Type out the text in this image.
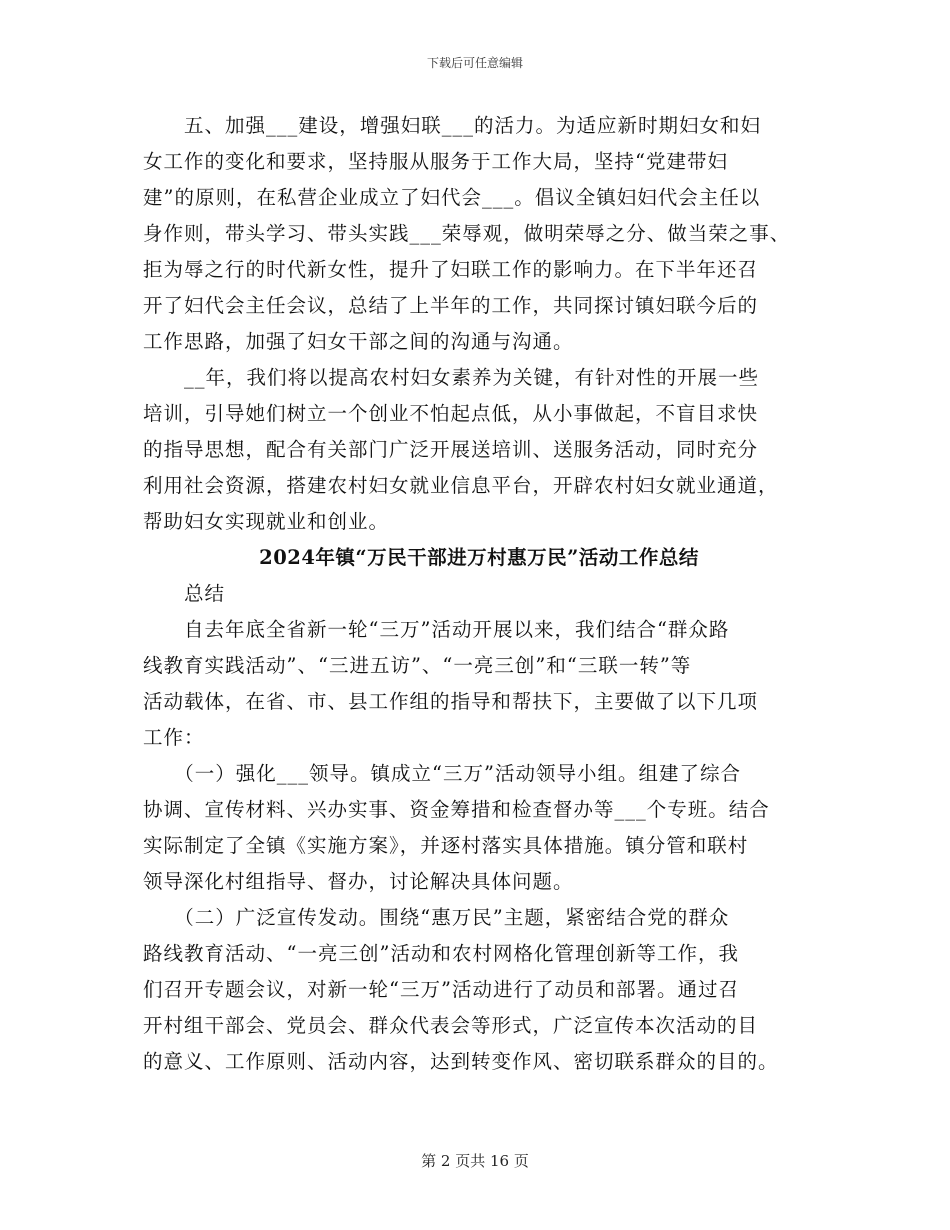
下载后可任意编辑
　　五、加强___建设，增强妇联___的活力。为适应新时期妇女和妇
女工作的变化和要求，坚持服从服务于工作大局，坚持“党建带妇
建”的原则，在私营企业成立了妇代会___。倡议全镇妇妇代会主任以
身作则，带头学习、带头实践___荣辱观，做明荣辱之分、做当荣之事、
拒为辱之行的时代新女性，提升了妇联工作的影响力。在下半年还召
开了妇代会主任会议，总结了上半年的工作，共同探讨镇妇联今后的
工作思路，加强了妇女干部之间的沟通与沟通。
　　__年，我们将以提高农村妇女素养为关键，有针对性的开展一些
培训，引导她们树立一个创业不怕起点低，从小事做起，不盲目求快
的指导思想，配合有关部门广泛开展送培训、送服务活动，同时充分
利用社会资源，搭建农村妇女就业信息平台，开辟农村妇女就业通道，
帮助妇女实现就业和创业。
2024年镇“万民干部进万村惠万民”活动工作总结
　　总结
　　自去年底全省新一轮“三万”活动开展以来，我们结合“群众路
线教育实践活动”、“三进五访”、“一亮三创”和“三联一转”等
活动载体，在省、市、县工作组的指导和帮扶下，主要做了以下几项
工作：
　　（一）强化___领导。镇成立“三万”活动领导小组。组建了综合
协调、宣传材料、兴办实事、资金筹措和检查督办等___个专班。结合
实际制定了全镇《实施方案》，并逐村落实具体措施。镇分管和联村
领导深化村组指导、督办，讨论解决具体问题。
　　（二）广泛宣传发动。围绕“惠万民”主题，紧密结合党的群众
路线教育活动、“一亮三创”活动和农村网格化管理创新等工作，我
们召开专题会议，对新一轮“三万”活动进行了动员和部署。通过召
开村组干部会、党员会、群众代表会等形式，广泛宣传本次活动的目
的意义、工作原则、活动内容，达到转变作风、密切联系群众的目的。
第 2 页共 16 页
